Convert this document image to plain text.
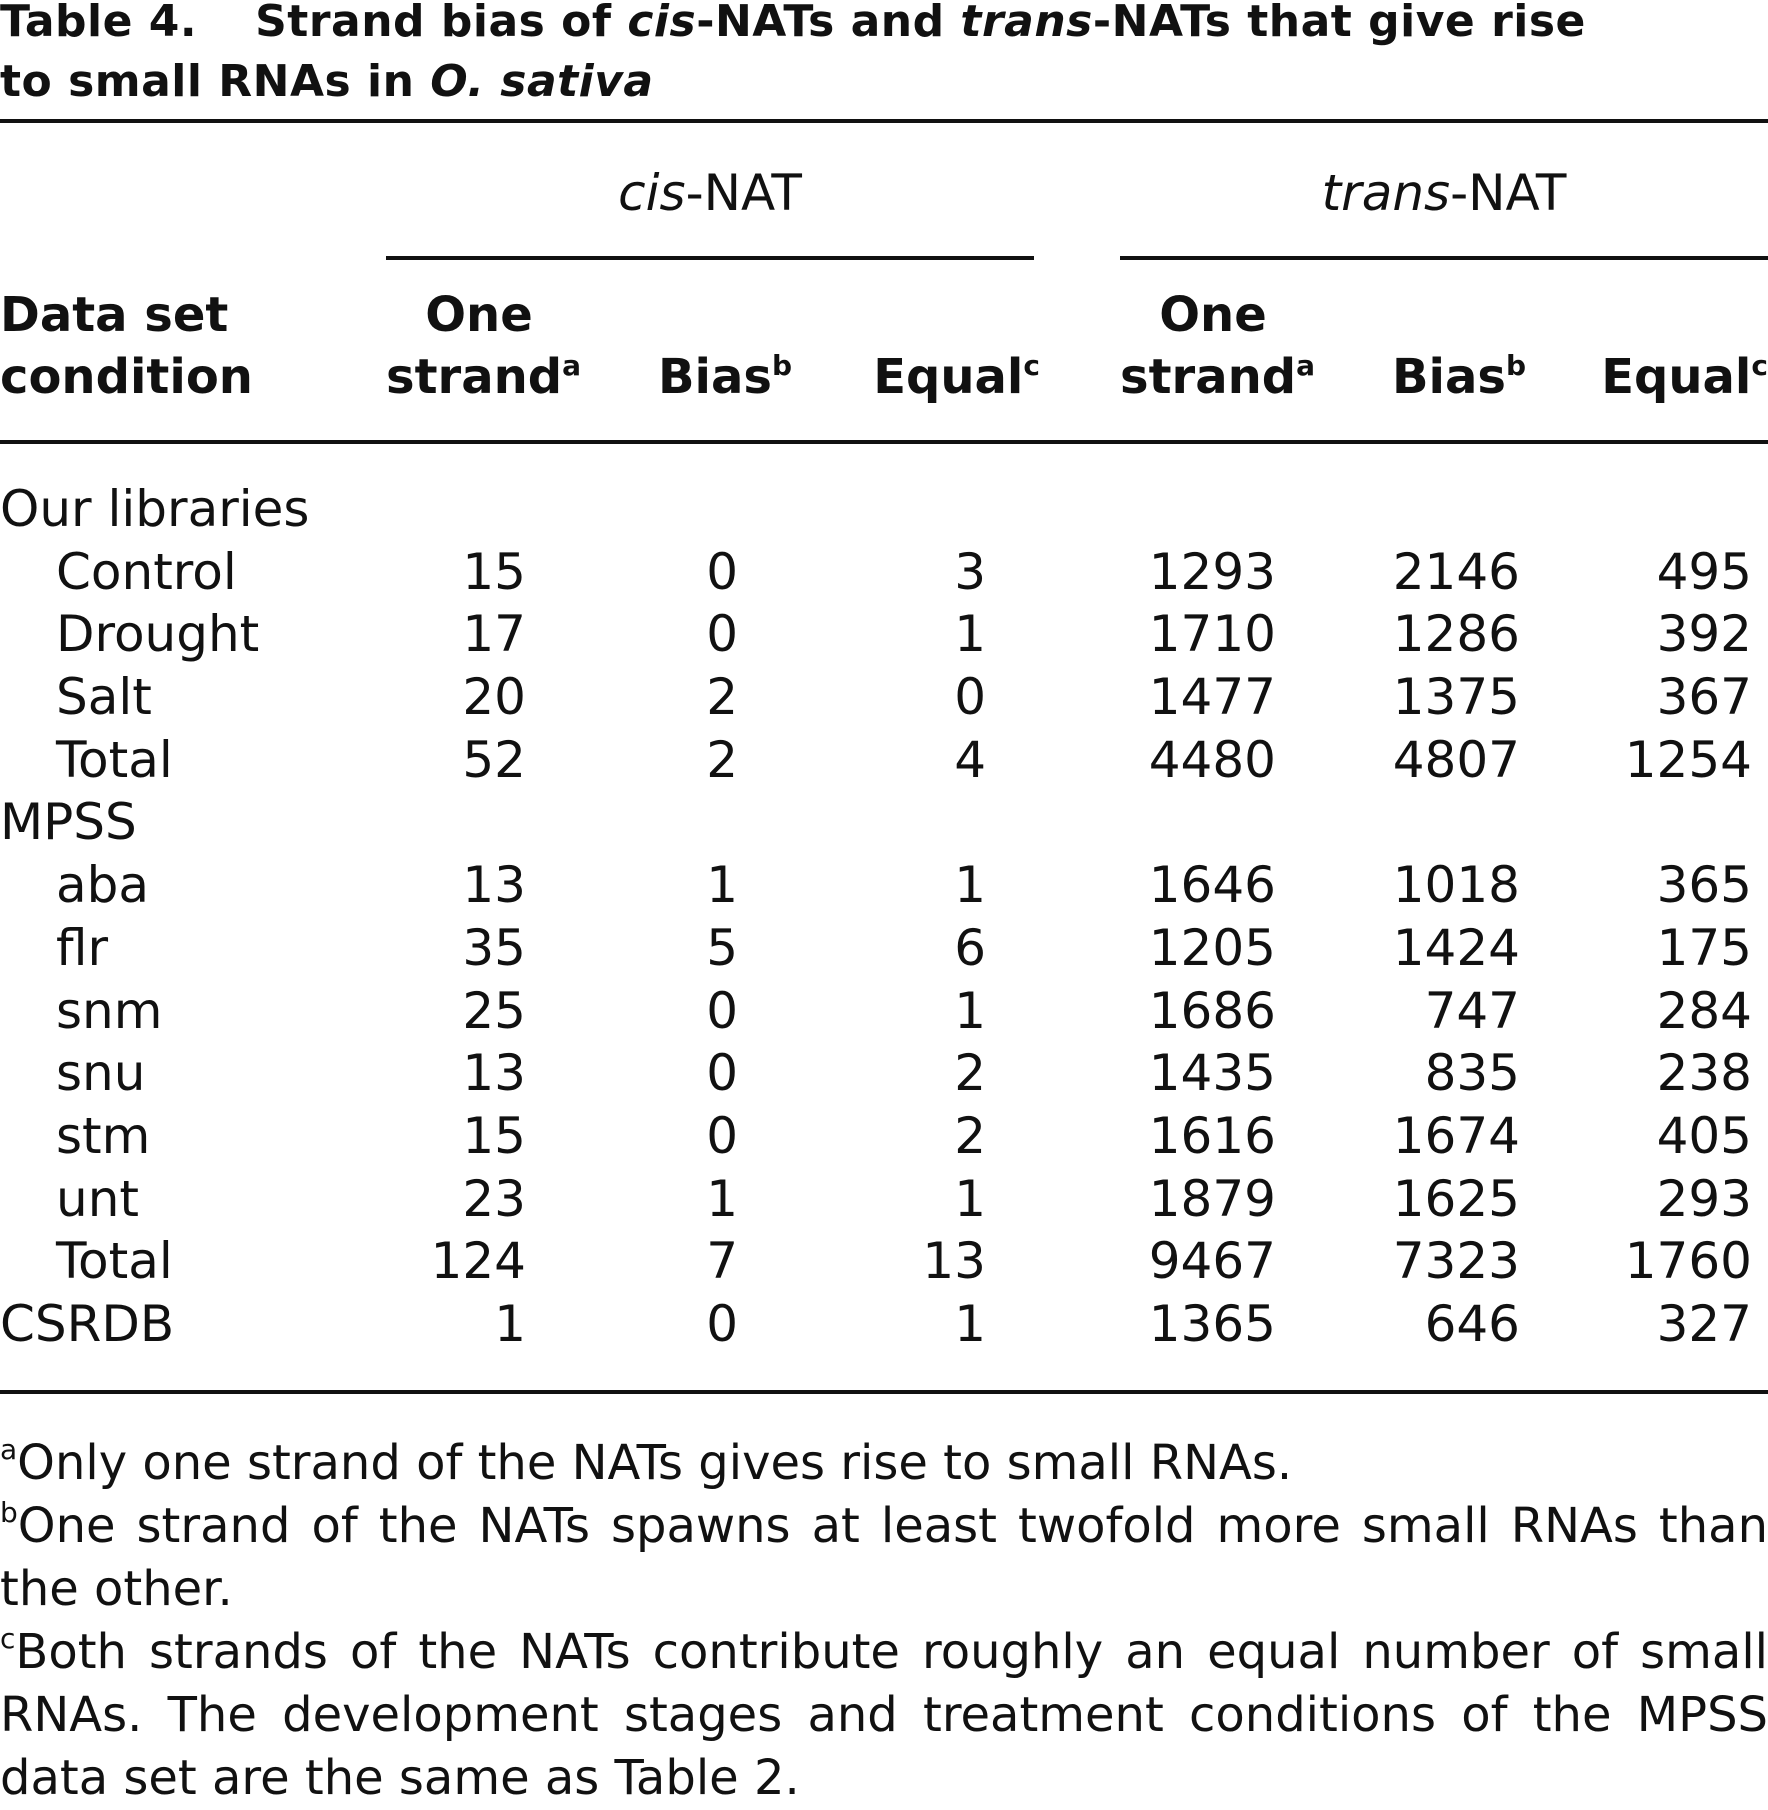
Table 4. Strand bias of cis-NATs and trans-NATs that give rise
to small RNAs in O. sativa
cis-NAT	trans-NAT
Data set
condition
One
strand$^a$	Bias$^b$	Equal$^c$
One
strand$^a$	Bias$^b$	Equal$^c$
Our libraries
Control	15	0	3	1293 2146	495
Drought	17	0	1	1710 1286	392
Salt	20	2	0	1477 1375	367
Total	52	2	4	4480 4807 1254
MPSS
aba	13	1	1	1646 1018	365
flr	35	5	6	1205 1424	175
snm	25	0	1	1686	747	284
snu	13	0	2	1435	835	238
stm	15	0	2	1616 1674	405
unt	23	1	1	1879 1625	293
Total	124	7	13	9467 7323 1760
CSRDB	1	0	1	1365	646	327
$^a$Only one strand of the NATs gives rise to small RNAs.
$^b$One strand of the NATs spawns at least twofold more small RNAs than the other.
$^c$Both strands of the NATs contribute roughly an equal number of small RNAs. The development stages and treatment conditions of the MPSS data set are the same as Table 2.
